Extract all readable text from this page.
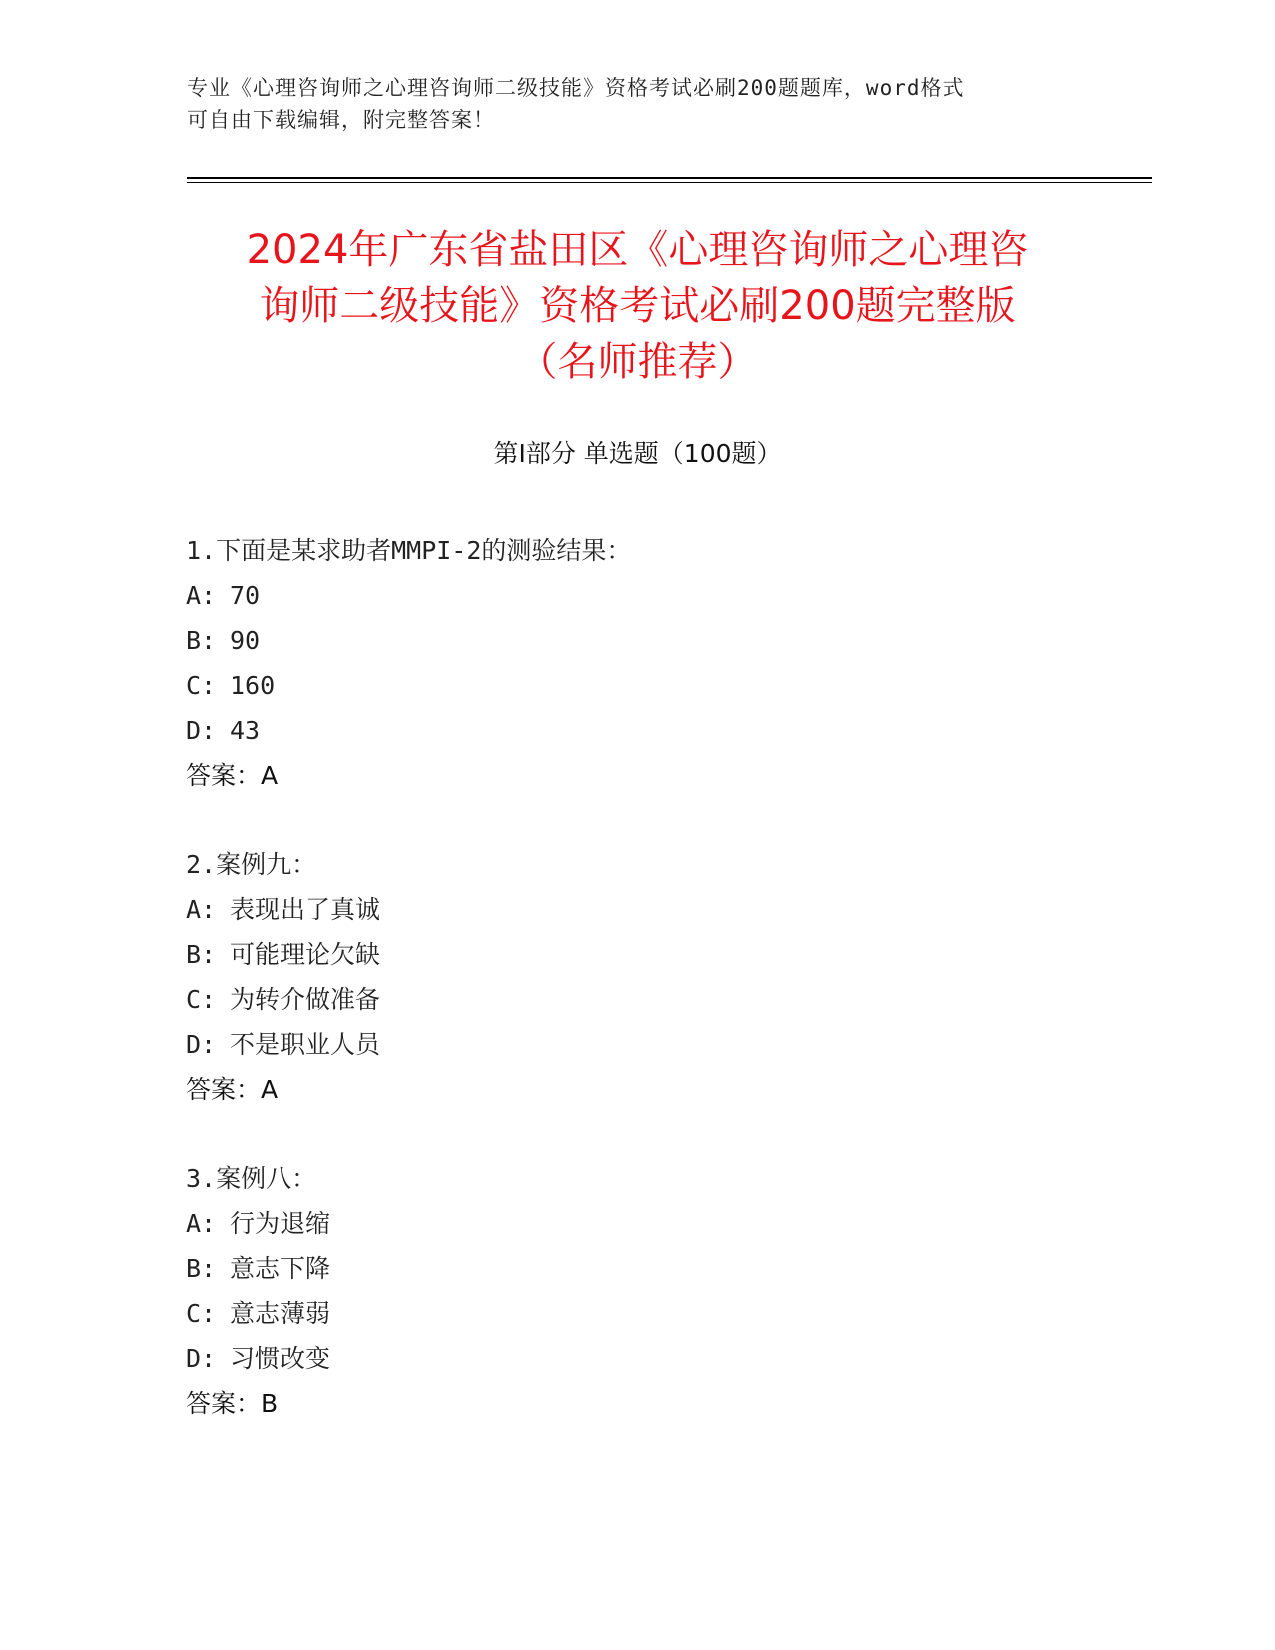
专业《心理咨询师之心理咨询师二级技能》资格考试必刷200题题库，word格式
可自由下载编辑，附完整答案！
2024年广东省盐田区《心理咨询师之心理咨
询师二级技能》资格考试必刷200题完整版
（名师推荐）
第Ⅰ部分 单选题（100题）
1.下面是某求助者MMPI-2的测验结果：
A: 70
B: 90
C: 160
D: 43
答案：A
2.案例九：
A: 表现出了真诚
B: 可能理论欠缺
C: 为转介做准备
D: 不是职业人员
答案：A
3.案例八：
A: 行为退缩
B: 意志下降
C: 意志薄弱
D: 习惯改变
答案：B
